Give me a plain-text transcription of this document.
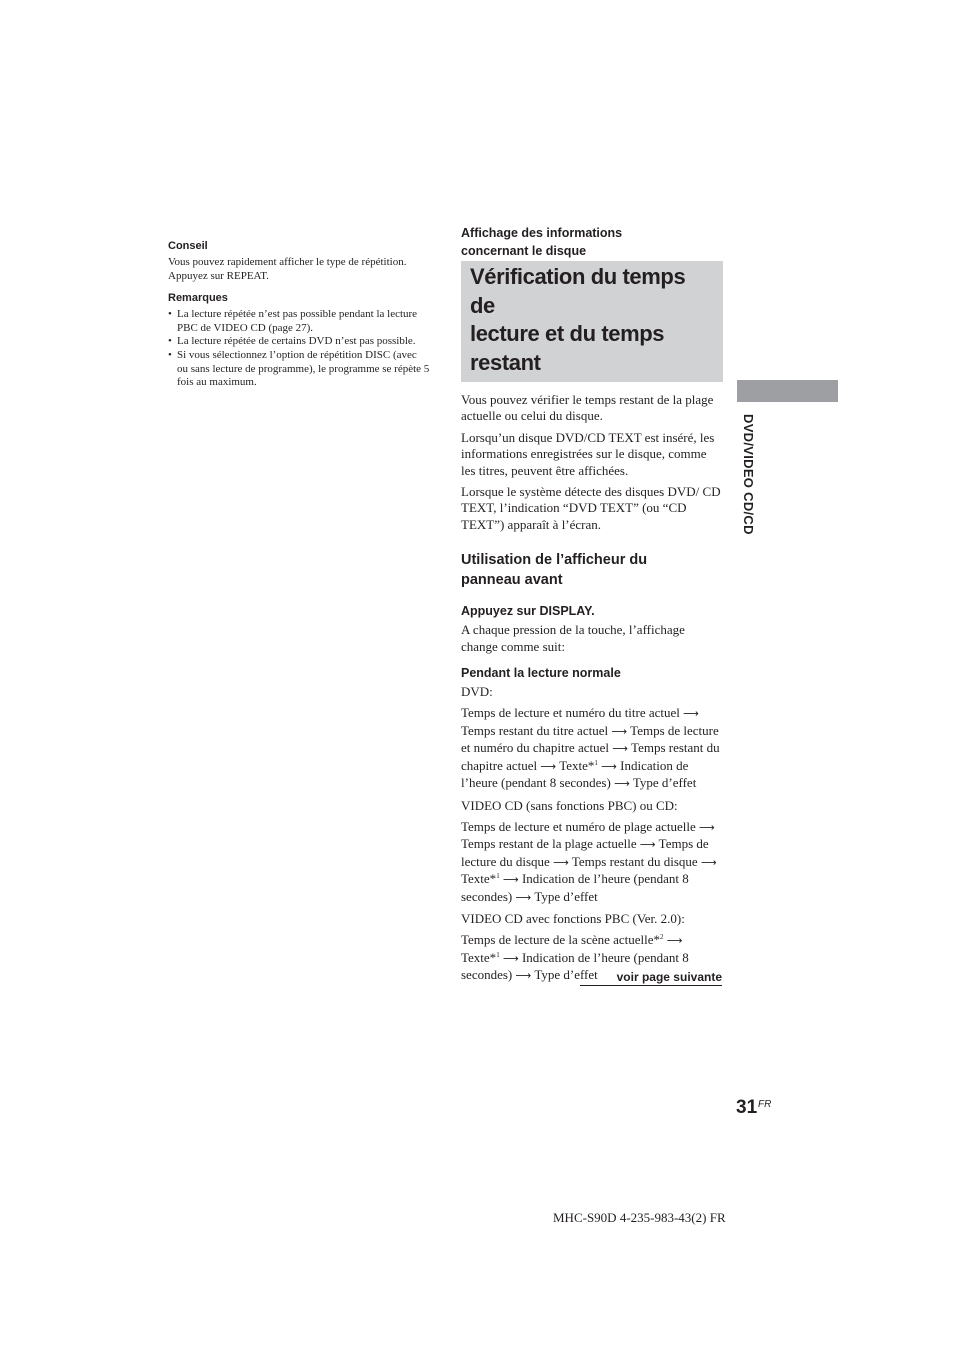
Conseil

Vous pouvez rapidement afficher le type de répétition. Appuyez sur REPEAT.

Remarques
• La lecture répétée n’est pas possible pendant la lecture PBC de VIDEO CD (page 27).
• La lecture répétée de certains DVD n’est pas possible.
• Si vous sélectionnez l’option de répétition DISC (avec ou sans lecture de programme), le programme se répète 5 fois au maximum.
Affichage des informations
concernant le disque
Vérification du temps de
lecture et du temps
restant

Vous pouvez vérifier le temps restant de la plage actuelle ou celui du disque.

Lorsqu’un disque DVD/CD TEXT est inséré, les informations enregistrées sur le disque, comme les titres, peuvent être affichées.

Lorsque le système détecte des disques DVD/ CD TEXT, l’indication “DVD TEXT” (ou “CD TEXT”) apparaît à l’écran.

Utilisation de l’afficheur du
panneau avant
Appuyez sur DISPLAY.

A chaque pression de la touche, l’affichage change comme suit:

Pendant la lecture normale

DVD:

Temps de lecture et numéro du titre actuel ⟶ Temps restant du titre actuel ⟶ Temps de lecture et numéro du chapitre actuel ⟶ Temps restant du chapitre actuel ⟶ Texte*$^1$ ⟶ Indication de l’heure (pendant 8 secondes) ⟶ Type d’effet

VIDEO CD (sans fonctions PBC) ou CD:

Temps de lecture et numéro de plage actuelle ⟶ Temps restant de la plage actuelle ⟶ Temps de lecture du disque ⟶ Temps restant du disque ⟶ Texte*$^1$ ⟶ Indication de l’heure (pendant 8 secondes) ⟶ Type d’effet

VIDEO CD avec fonctions PBC (Ver. 2.0):

Temps de lecture de la scène actuelle*$^2$ ⟶ Texte*$^1$ ⟶ Indication de l’heure (pendant 8 secondes) ⟶ Type d’effet

DVD/VIDEO CD/CD
voir page suivante
31 FR
MHC-S90D 4-235-983-43(2) FR
